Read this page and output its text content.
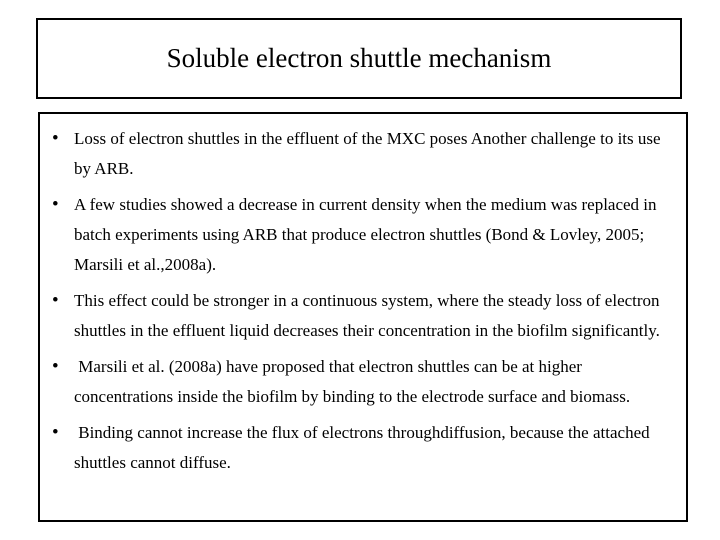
Soluble electron shuttle mechanism
• Loss of electron shuttles in the effluent of the MXC poses Another challenge to its use by ARB.
• A few studies showed a decrease in current density when the medium was replaced in batch experiments using ARB that produce electron shuttles (Bond & Lovley, 2005; Marsili et al.,2008a).
• This effect could be stronger in a continuous system, where the steady loss of electron shuttles in the effluent liquid decreases their concentration in the biofilm significantly.
• Marsili et al. (2008a) have proposed that electron shuttles can be at higher concentrations inside the biofilm by binding to the electrode surface and biomass.
• Binding cannot increase the flux of electrons throughdiffusion, because the attached shuttles cannot diffuse.
